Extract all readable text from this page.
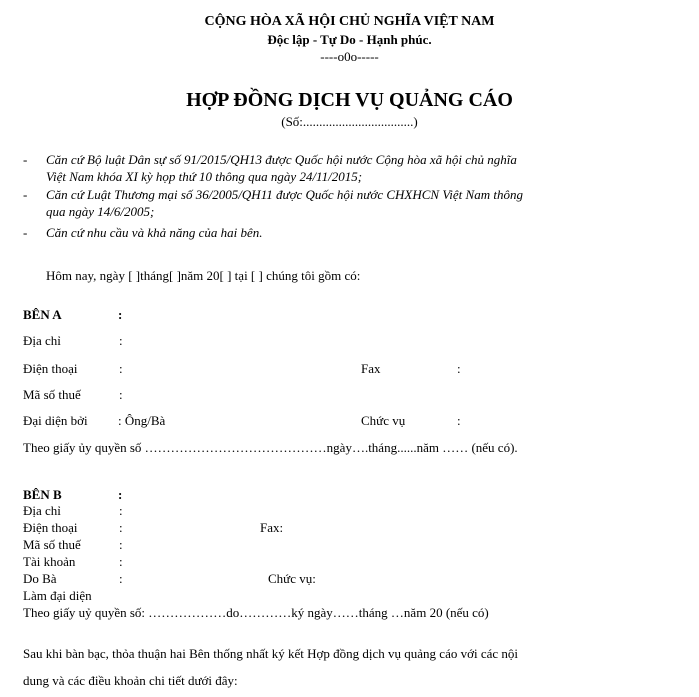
CỘNG HÒA XÃ HỘI CHỦ NGHĨA VIỆT NAM
Độc lập - Tự Do - Hạnh phúc.
----o0o-----
HỢP ĐỒNG DỊCH VỤ QUẢNG CÁO
(Số:..................................)
- Căn cứ Bộ luật Dân sự số 91/2015/QH13 được Quốc hội nước Cộng hòa xã hội chủ nghĩa
Việt Nam khóa XI kỳ họp thứ 10 thông qua ngày 24/11/2015;
- Căn cứ Luật Thương mại số 36/2005/QH11 được Quốc hội nước CHXHCN Việt Nam thông
qua ngày 14/6/2005;
- Căn cứ nhu cầu và khả năng của hai bên.
Hôm nay, ngày [ ]tháng[ ]năm 20[ ] tại [ ] chúng tôi gồm có:
BÊN A	:
Địa chỉ	:
Điện thoại	:	Fax	:
Mã số thuế	:
Đại diện bởi : Ông/Bà	Chức vụ	:
Theo giấy ủy quyền số ……………………………………ngày….tháng......năm …… (nếu có).
BÊN B	:
Địa chỉ	:
Điện thoại	:	Fax:
Mã số thuế	:
Tài khoản	:
Do Bà	:	Chức vụ:
Làm đại diện
Theo giấy uỷ quyền số: ………………do…………ký ngày……tháng …năm 20 (nếu có)
Sau khi bàn bạc, thỏa thuận hai Bên thống nhất ký kết Hợp đồng dịch vụ quảng cáo với các nội
dung và các điều khoản chi tiết dưới đây:
